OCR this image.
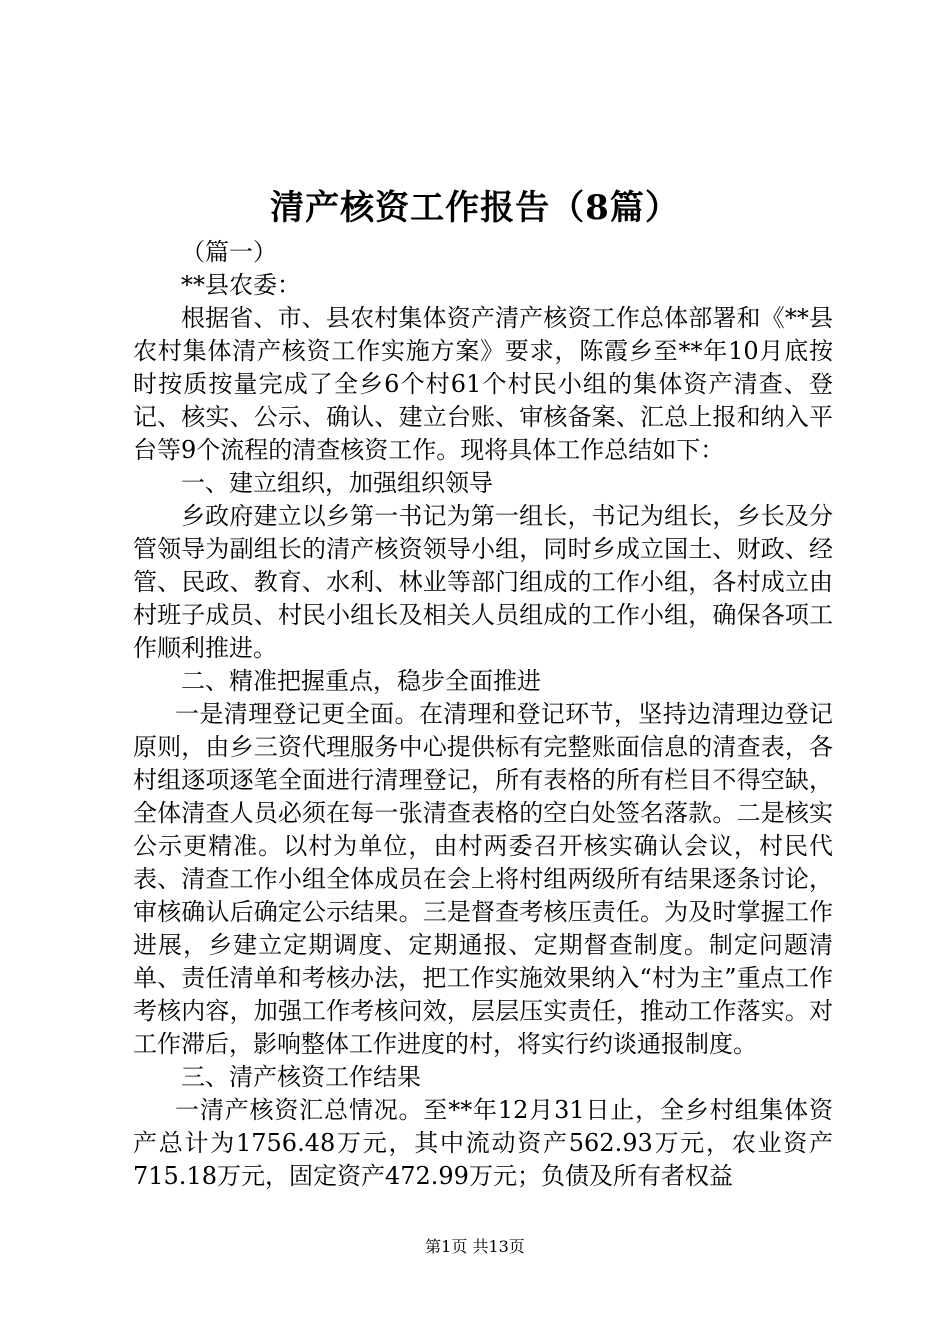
清产核资工作报告（8篇）

（篇一）

**县农委：

根据省、市、县农村集体资产清产核资工作总体部署和《**县农村集体清产核资工作实施方案》要求，陈霞乡至**年10月底按时按质按量完成了全乡6个村61个村民小组的集体资产清查、登记、核实、公示、确认、建立台账、审核备案、汇总上报和纳入平台等9个流程的清查核资工作。现将具体工作总结如下：

一、建立组织，加强组织领导

乡政府建立以乡第一书记为第一组长，书记为组长，乡长及分管领导为副组长的清产核资领导小组，同时乡成立国土、财政、经管、民政、教育、水利、林业等部门组成的工作小组，各村成立由村班子成员、村民小组长及相关人员组成的工作小组，确保各项工作顺利推进。

二、精准把握重点，稳步全面推进

一是清理登记更全面。在清理和登记环节，坚持边清理边登记原则，由乡三资代理服务中心提供标有完整账面信息的清查表，各村组逐项逐笔全面进行清理登记，所有表格的所有栏目不得空缺，全体清查人员必须在每一张清查表格的空白处签名落款。二是核实公示更精准。以村为单位，由村两委召开核实确认会议，村民代表、清查工作小组全体成员在会上将村组两级所有结果逐条讨论，审核确认后确定公示结果。三是督查考核压责任。为及时掌握工作进展，乡建立定期调度、定期通报、定期督查制度。制定问题清单、责任清单和考核办法，把工作实施效果纳入“村为主”重点工作考核内容，加强工作考核问效，层层压实责任，推动工作落实。对工作滞后，影响整体工作进度的村，将实行约谈通报制度。

三、清产核资工作结果

一清产核资汇总情况。至**年12月31日止，全乡村组集体资产总计为1756.48万元，其中流动资产562.93万元，农业资产715.18万元，固定资产472.99万元；负债及所有者权益

第1页 共13页
